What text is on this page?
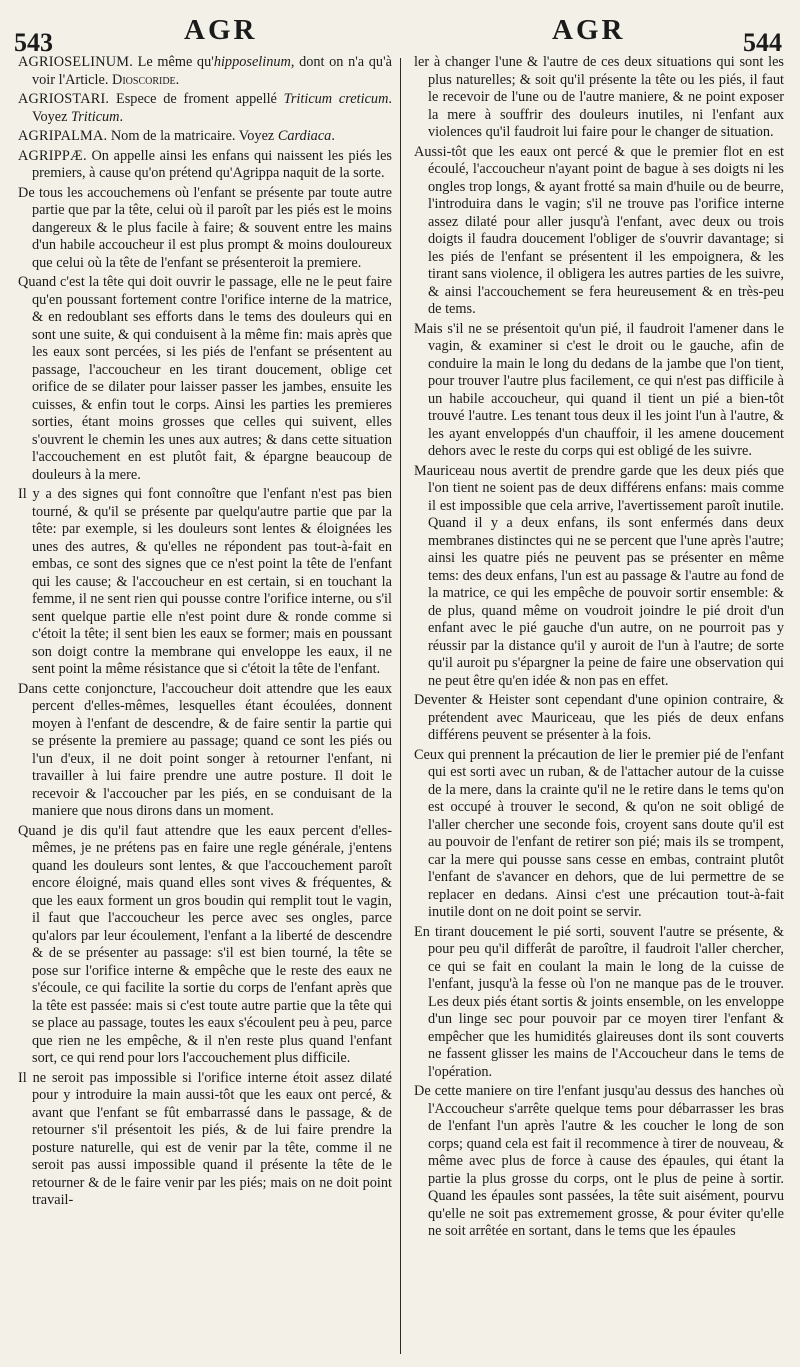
543	AGR	AGR	544

AGRIOSELINUM. Le même qu'hipposelinum, dont on n'a qu'à voir l'Article. Dioscoride.

AGRIOSTARI. Espece de froment appellé Triticum creticum. Voyez Triticum.

AGRIPALMA. Nom de la matricaire. Voyez Cardiaca.

AGRIPPÆ. On appelle ainsi les enfans qui naissent les piés les premiers, à cause qu'on prétend qu'Agrippa naquit de la sorte.

De tous les accouchemens où l'enfant se présente par toute autre partie que par la tête, celui où il paroît par les piés est le moins dangereux & le plus facile à faire; & souvent entre les mains d'un habile accoucheur il est plus prompt & moins douloureux que celui où la tête de l'enfant se présenteroit la premiere.

Quand c'est la tête qui doit ouvrir le passage, elle ne le peut faire qu'en poussant fortement contre l'orifice interne de la matrice, & en redoublant ses efforts dans le tems des douleurs qui en sont une suite, & qui conduisent à la même fin: mais après que les eaux sont percées, si les piés de l'enfant se présentent au passage, l'accoucheur en les tirant doucement, oblige cet orifice de se dilater pour laisser passer les jambes, ensuite les cuisses, & enfin tout le corps. Ainsi les parties les premieres sorties, étant moins grosses que celles qui suivent, elles s'ouvrent le chemin les unes aux autres; & dans cette situation l'accouchement en est plutôt fait, & épargne beaucoup de douleurs à la mere.

Il y a des signes qui font connoître que l'enfant n'est pas bien tourné, & qu'il se présente par quelqu'autre partie que par la tête: par exemple, si les douleurs sont lentes & éloignées les unes des autres, & qu'elles ne répondent pas tout-à-fait en embas, ce sont des signes que ce n'est point la tête de l'enfant qui les cause; & l'accoucheur en est certain, si en touchant la femme, il ne sent rien qui pousse contre l'orifice interne, ou s'il sent quelque partie elle n'est point dure & ronde comme si c'étoit la tête; il sent bien les eaux se former; mais en poussant son doigt contre la membrane qui enveloppe les eaux, il ne sent point la même résistance que si c'étoit la tête de l'enfant.

Dans cette conjoncture, l'accoucheur doit attendre que les eaux percent d'elles-mêmes, lesquelles étant écoulées, donnent moyen à l'enfant de descendre, & de faire sentir la partie qui se présente la premiere au passage; quand ce sont les piés ou l'un d'eux, il ne doit point songer à retourner l'enfant, ni travailler à lui faire prendre une autre posture. Il doit le recevoir & l'accoucher par les piés, en se conduisant de la maniere que nous dirons dans un moment.

Quand je dis qu'il faut attendre que les eaux percent d'elles-mêmes, je ne prétens pas en faire une regle générale, j'entens quand les douleurs sont lentes, & que l'accouchement paroît encore éloigné, mais quand elles sont vives & fréquentes, & que les eaux forment un gros boudin qui remplit tout le vagin, il faut que l'accoucheur les perce avec ses ongles, parce qu'alors par leur écoulement, l'enfant a la liberté de descendre & de se présenter au passage: s'il est bien tourné, la tête se pose sur l'orifice interne & empêche que le reste des eaux ne s'écoule, ce qui facilite la sortie du corps de l'enfant après que la tête est passée: mais si c'est toute autre partie que la tête qui se place au passage, toutes les eaux s'écoulent peu à peu, parce que rien ne les empêche, & il n'en reste plus quand l'enfant sort, ce qui rend pour lors l'accouchement plus difficile.

Il ne seroit pas impossible si l'orifice interne étoit assez dilaté pour y introduire la main aussi-tôt que les eaux ont percé, & avant que l'enfant se fût embarrassé dans le passage, & de retourner s'il présentoit les piés, & de lui faire prendre la posture naturelle, qui est de venir par la tête, comme il ne seroit pas aussi impossible quand il présente la tête de le retourner & de le faire venir par les piés; mais on ne doit point travail-

ler à changer l'une & l'autre de ces deux situations qui sont les plus naturelles; & soit qu'il présente la tête ou les piés, il faut le recevoir de l'une ou de l'autre maniere, & ne point exposer la mere à souffrir des douleurs inutiles, ni l'enfant aux violences qu'il faudroit lui faire pour le changer de situation.

Aussi-tôt que les eaux ont percé & que le premier flot en est écoulé, l'accoucheur n'ayant point de bague à ses doigts ni les ongles trop longs, & ayant frotté sa main d'huile ou de beurre, l'introduira dans le vagin; s'il ne trouve pas l'orifice interne assez dilaté pour aller jusqu'à l'enfant, avec deux ou trois doigts il faudra doucement l'obliger de s'ouvrir davantage; si les piés de l'enfant se présentent il les empoignera, & les tirant sans violence, il obligera les autres parties de les suivre, & ainsi l'accouchement se fera heureusement & en très-peu de tems.

Mais s'il ne se présentoit qu'un pié, il faudroit l'amener dans le vagin, & examiner si c'est le droit ou le gauche, afin de conduire la main le long du dedans de la jambe que l'on tient, pour trouver l'autre plus facilement, ce qui n'est pas difficile à un habile accoucheur, qui quand il tient un pié a bien-tôt trouvé l'autre. Les tenant tous deux il les joint l'un à l'autre, & les ayant enveloppés d'un chauffoir, il les amene doucement dehors avec le reste du corps qui est obligé de les suivre.

Mauriceau nous avertit de prendre garde que les deux piés que l'on tient ne soient pas de deux différens enfans: mais comme il est impossible que cela arrive, l'avertissement paroît inutile. Quand il y a deux enfans, ils sont enfermés dans deux membranes distinctes qui ne se percent que l'une après l'autre; ainsi les quatre piés ne peuvent pas se présenter en même tems: des deux enfans, l'un est au passage & l'autre au fond de la matrice, ce qui les empêche de pouvoir sortir ensemble: & de plus, quand même on voudroit joindre le pié droit d'un enfant avec le pié gauche d'un autre, on ne pourroit pas y réussir par la distance qu'il y auroit de l'un à l'autre; de sorte qu'il auroit pu s'épargner la peine de faire une observation qui ne peut être qu'en idée & non pas en effet.

Deventer & Heister sont cependant d'une opinion contraire, & prétendent avec Mauriceau, que les piés de deux enfans différens peuvent se présenter à la fois.

Ceux qui prennent la précaution de lier le premier pié de l'enfant qui est sorti avec un ruban, & de l'attacher autour de la cuisse de la mere, dans la crainte qu'il ne le retire dans le tems qu'on est occupé à trouver le second, & qu'on ne soit obligé de l'aller chercher une seconde fois, croyent sans doute qu'il est au pouvoir de l'enfant de retirer son pié; mais ils se trompent, car la mere qui pousse sans cesse en embas, contraint plutôt l'enfant de s'avancer en dehors, que de lui permettre de se replacer en dedans. Ainsi c'est une précaution tout-à-fait inutile dont on ne doit point se servir.

En tirant doucement le pié sorti, souvent l'autre se présente, & pour peu qu'il differât de paroître, il faudroit l'aller chercher, ce qui se fait en coulant la main le long de la cuisse de l'enfant, jusqu'à la fesse où l'on ne manque pas de le trouver. Les deux piés étant sortis & joints ensemble, on les enveloppe d'un linge sec pour pouvoir par ce moyen tirer l'enfant & empêcher que les humidités glaireuses dont ils sont couverts ne fassent glisser les mains de l'Accoucheur dans le tems de l'opération.

De cette maniere on tire l'enfant jusqu'au dessus des hanches où l'Accoucheur s'arrête quelque tems pour débarrasser les bras de l'enfant l'un après l'autre & les coucher le long de son corps; quand cela est fait il recommence à tirer de nouveau, & même avec plus de force à cause des épaules, qui étant la partie la plus grosse du corps, ont le plus de peine à sortir. Quand les épaules sont passées, la tête suit aisément, pourvu qu'elle ne soit pas extremement grosse, & pour éviter qu'elle ne soit arrêtée en sortant, dans le tems que les épaules
